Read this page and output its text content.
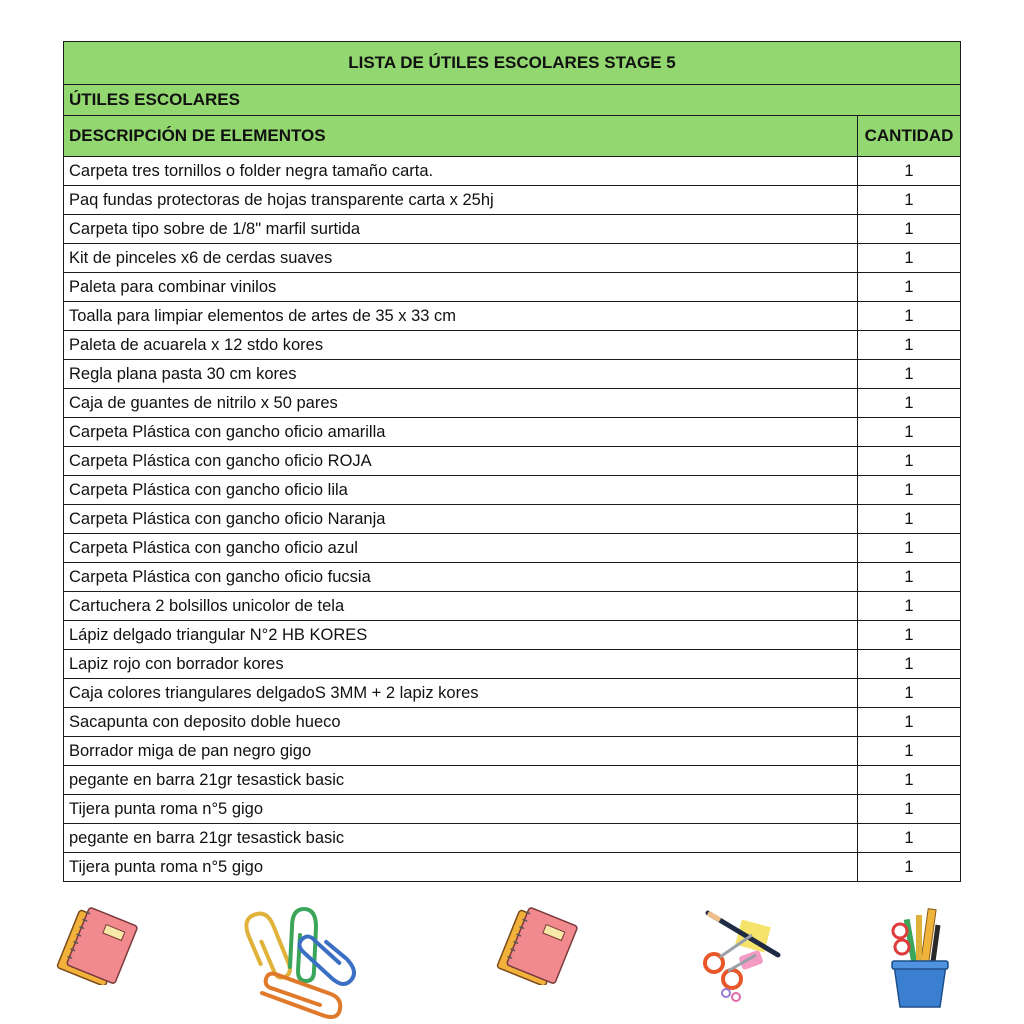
LISTA DE ÚTILES ESCOLARES STAGE 5	
ÚTILES ESCOLARES	
DESCRIPCIÓN DE ELEMENTOS	CANTIDAD
Carpeta tres tornillos o folder negra tamaño carta.	1
Paq fundas protectoras de hojas transparente carta x 25hj	1
Carpeta tipo sobre de 1/8" marfil surtida	1
Kit de pinceles x6 de cerdas suaves	1
Paleta para combinar vinilos	1
Toalla para limpiar elementos de artes de 35 x 33 cm	1
Paleta de acuarela x 12 stdo kores	1
Regla plana pasta 30 cm kores	1
Caja de guantes de nitrilo x 50 pares	1
Carpeta Plástica con gancho oficio amarilla	1
Carpeta Plástica con gancho oficio ROJA	1
Carpeta Plástica con gancho oficio lila	1
Carpeta Plástica con gancho oficio Naranja	1
Carpeta Plástica con gancho oficio azul	1
Carpeta Plástica con gancho oficio fucsia	1
Cartuchera 2 bolsillos unicolor de tela	1
Lápiz delgado triangular N°2 HB KORES	1
Lapiz rojo con borrador kores	1
Caja colores triangulares delgadoS 3MM + 2 lapiz kores	1
Sacapunta con deposito doble hueco	1
Borrador miga de pan negro gigo	1
pegante en barra 21gr tesastick basic	1
Tijera punta roma n°5 gigo	1
pegante en barra 21gr tesastick basic	1
Tijera punta roma n°5 gigo	1
